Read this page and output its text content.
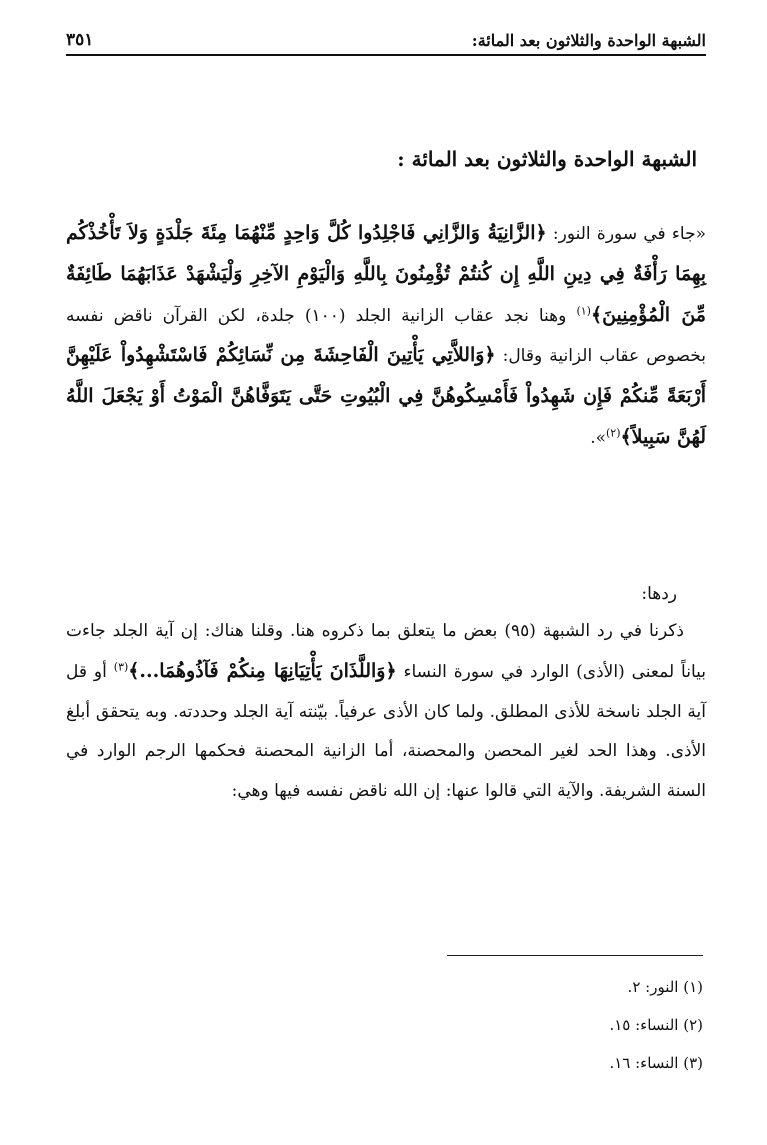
٣٥١	الشبهة الواحدة والثلاثون بعد المائة:
الشبهة الواحدة والثلاثون بعد المائة :

«جاء في سورة النور: ﴿الزَّانِيَةُ وَالزَّانِي فَاجْلِدُوا كُلَّ وَاحِدٍ مِّنْهُمَا مِئَةَ جَلْدَةٍ وَلاَ تَأْخُذْكُم بِهِمَا رَأْفَةٌ فِي دِينِ اللَّهِ إِن كُنتُمْ تُؤْمِنُونَ بِاللَّهِ وَالْيَوْمِ الآخِرِ وَلْيَشْهَدْ عَذَابَهُمَا طَائِفَةٌ مِّنَ الْمُؤْمِنِينَ﴾$^{(١)}$ وهنا نجد عقاب الزانية الجلد (١٠٠) جلدة، لكن القرآن ناقض نفسه بخصوص عقاب الزانية وقال: ﴿وَاللاَّتِي يَأْتِينَ الْفَاحِشَةَ مِن نِّسَائِكُمْ فَاسْتَشْهِدُواْ عَلَيْهِنَّ أَرْبَعَةً مِّنكُمْ فَإِن شَهِدُواْ فَأَمْسِكُوهُنَّ فِي الْبُيُوتِ حَتَّى يَتَوَفَّاهُنَّ الْمَوْتُ أَوْ يَجْعَلَ اللَّهُ لَهُنَّ سَبِيلاً﴾$^{(٢)}$».

ردها:

ذكرنا في رد الشبهة (٩٥) بعض ما يتعلق بما ذكروه هنا. وقلنا هناك: إن آية الجلد جاءت بياناً لمعنى (الأذى) الوارد في سورة النساء ﴿وَاللَّذَانَ يَأْتِيَانِهَا مِنكُمْ فَآذُوهُمَا...﴾$^{(٣)}$ أو قل آية الجلد ناسخة للأذى المطلق. ولما كان الأذى عرفياً. بيّنته آية الجلد وحددته. وبه يتحقق أبلغ الأذى. وهذا الحد لغير المحصن والمحصنة، أما الزانية المحصنة فحكمها الرجم الوارد في السنة الشريفة. والآية التي قالوا عنها: إن الله ناقض نفسه فيها وهي:

(١) النور: ٢.
(٢) النساء: ١٥.
(٣) النساء: ١٦.
